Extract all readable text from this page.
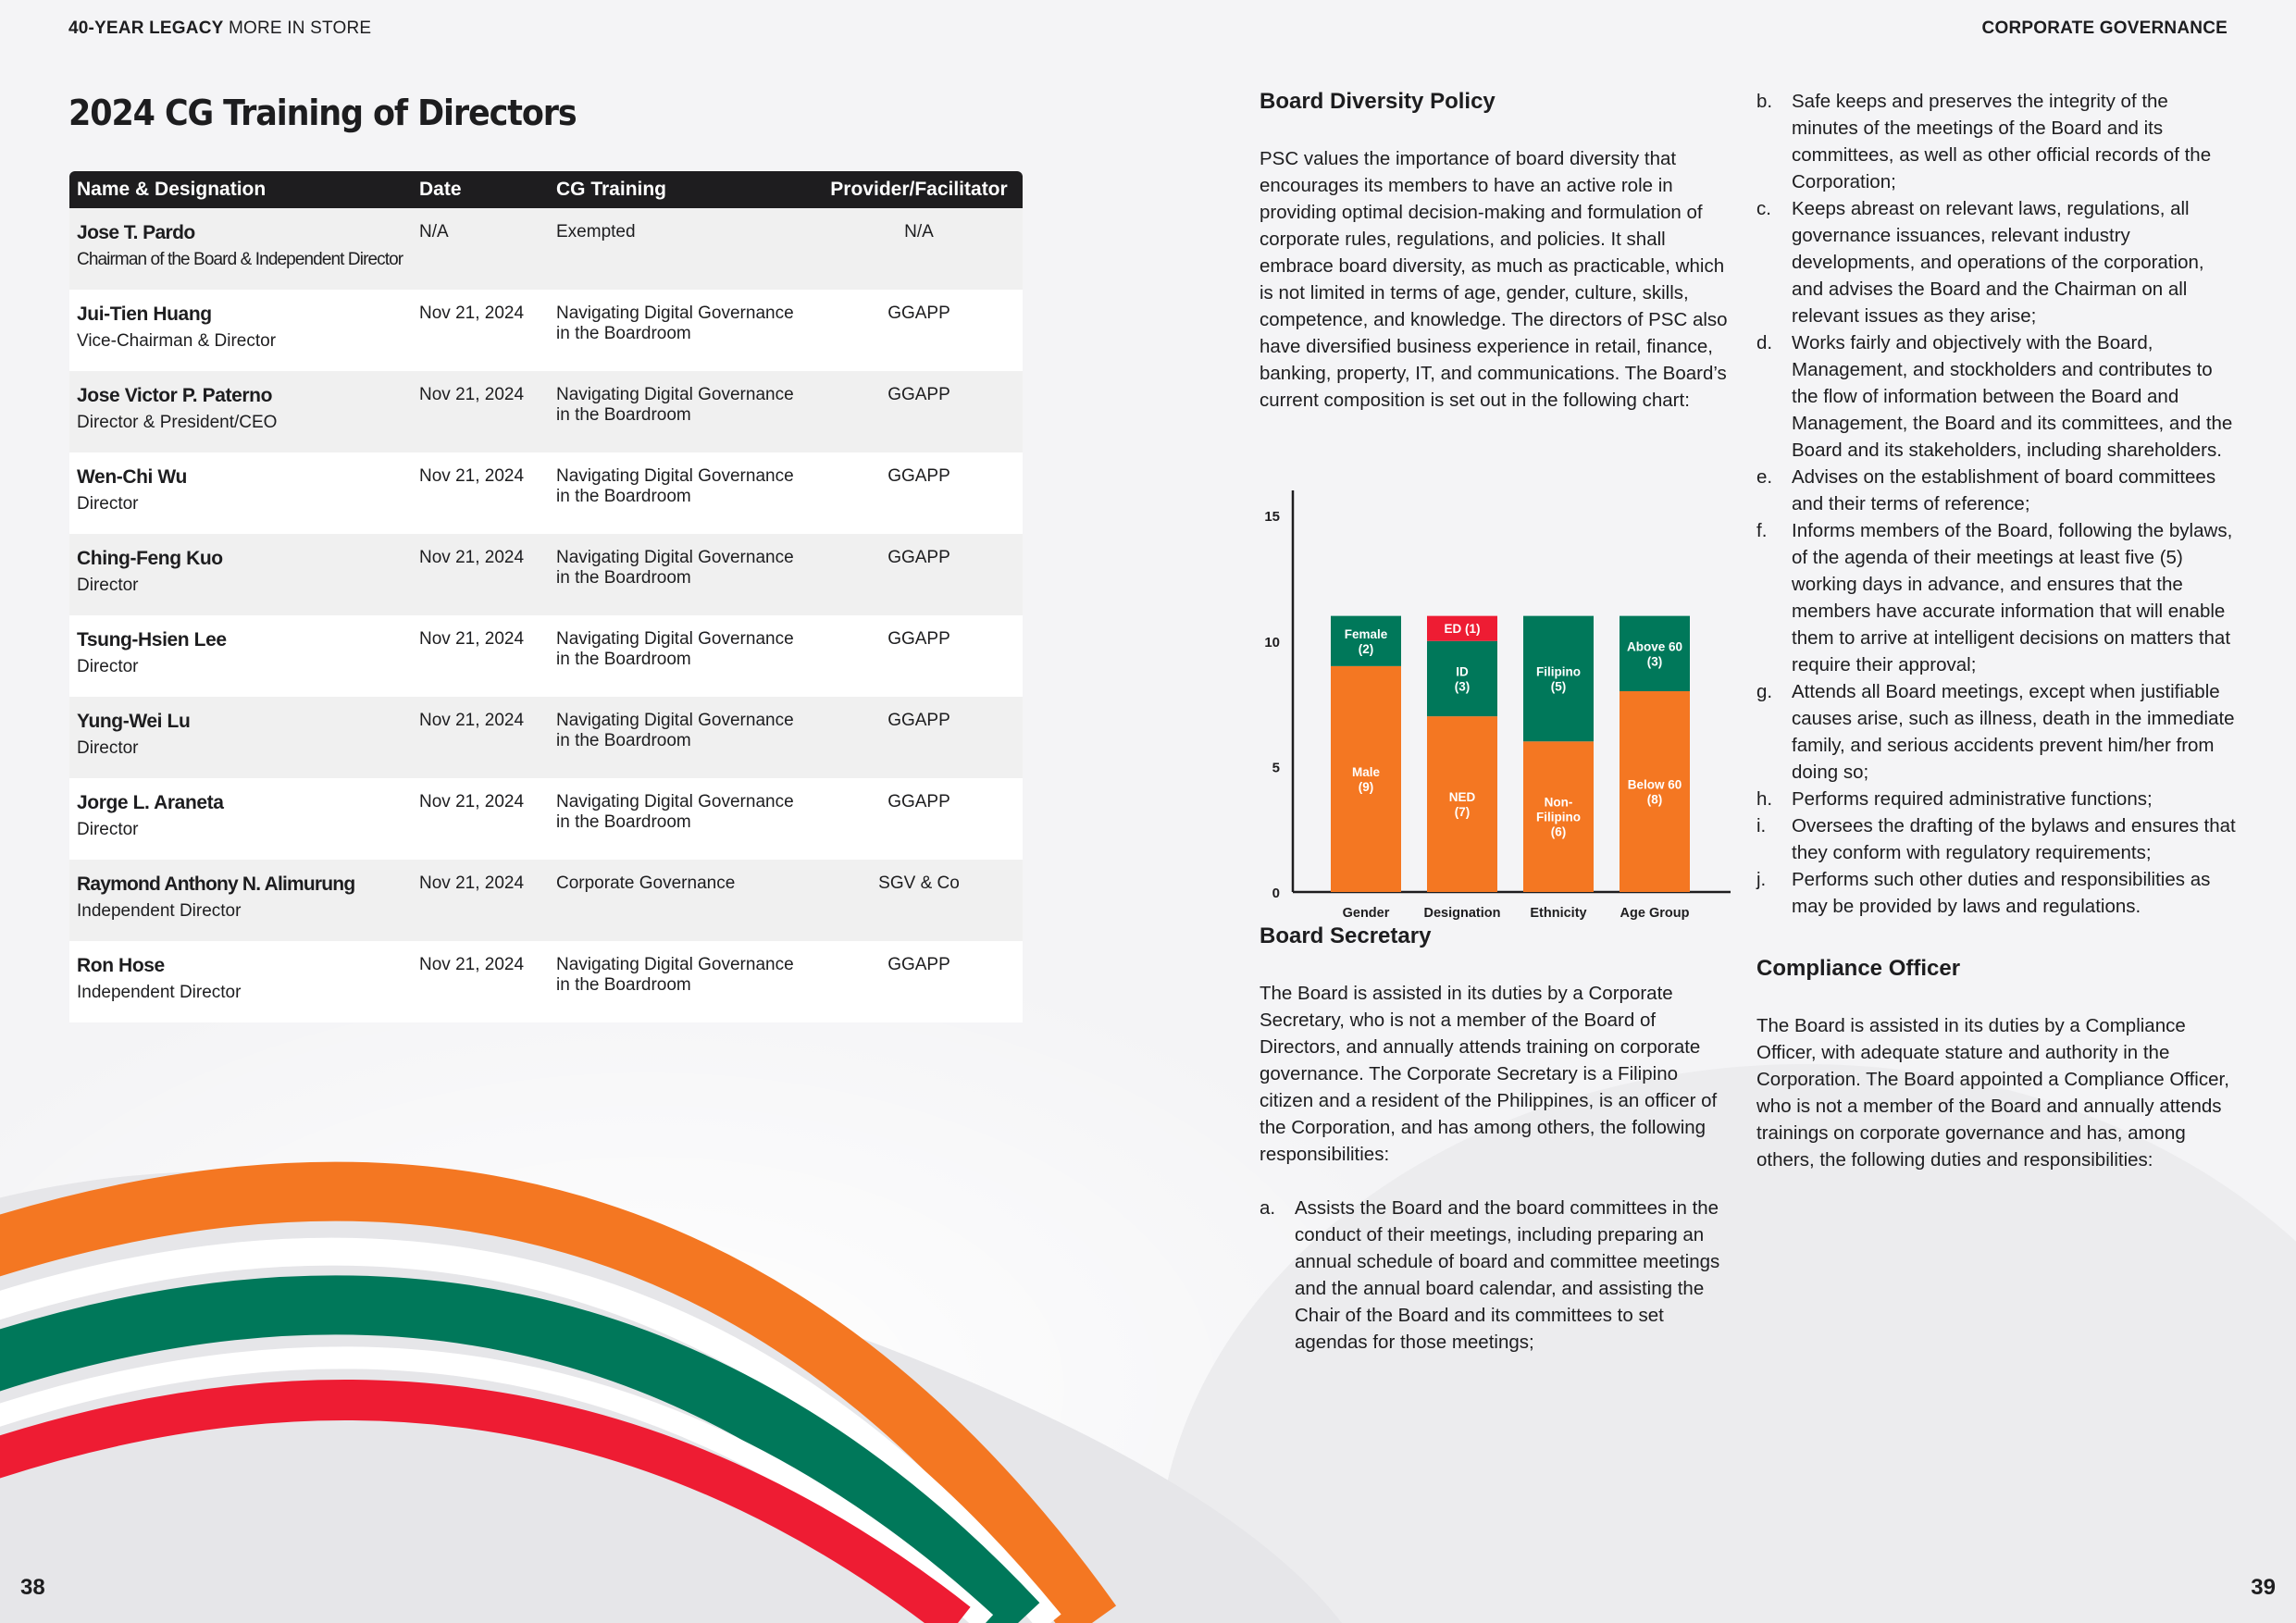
40-YEAR LEGACY MORE IN STORE	CORPORATE GOVERNANCE
2024 CG Training of Directors
Name & Designation	Date	CG Training	Provider/Facilitator

Jose T. Pardo
Chairman of the Board & Independent Director	N/A	Exempted	N/A

Jui-Tien Huang
Vice-Chairman & Director	Nov 21, 2024	Navigating Digital Governance in the Boardroom	GGAPP

Jose Victor P. Paterno
Director & President/CEO	Nov 21, 2024	Navigating Digital Governance in the Boardroom	GGAPP

Wen-Chi Wu
Director	Nov 21, 2024	Navigating Digital Governance in the Boardroom	GGAPP

Ching-Feng Kuo
Director	Nov 21, 2024	Navigating Digital Governance in the Boardroom	GGAPP

Tsung-Hsien Lee
Director	Nov 21, 2024	Navigating Digital Governance in the Boardroom	GGAPP

Yung-Wei Lu
Director	Nov 21, 2024	Navigating Digital Governance in the Boardroom	GGAPP

Jorge L. Araneta
Director	Nov 21, 2024	Navigating Digital Governance in the Boardroom	GGAPP

Raymond Anthony N. Alimurung
Independent Director	Nov 21, 2024	Corporate Governance	SGV & Co

Ron Hose
Independent Director	Nov 21, 2024	Navigating Digital Governance in the Boardroom	GGAPP
Board Diversity Policy

PSC values the importance of board diversity that encourages its members to have an active role in providing optimal decision-making and formulation of corporate rules, regulations, and policies. It shall embrace board diversity, as much as practicable, which is not limited in terms of age, gender, culture, skills, competence, and knowledge. The directors of PSC also have diversified business experience in retail, finance, banking, property, IT, and communications. The Board’s current composition is set out in the following chart:

Board Secretary

The Board is assisted in its duties by a Corporate Secretary, who is not a member of the Board of Directors, and annually attends training on corporate governance. The Corporate Secretary is a Filipino citizen and a resident of the Philippines, is an officer of the Corporation, and has among others, the following responsibilities:

a. Assists the Board and the board committees in the conduct of their meetings, including preparing an annual schedule of board and committee meetings and the annual board calendar, and assisting the Chair of the Board and its committees to set agendas for those meetings;
0
5
10
15
Gender
Male (9)
Female (2)
Designation
NED (7)
ID (3)
ED (1)
Ethnicity
Non-Filipino (6)
Filipino (5)
Age Group
Below 60 (8)
Above 60 (3)
b. Safe keeps and preserves the integrity of the minutes of the meetings of the Board and its committees, as well as other official records of the Corporation;
c. Keeps abreast on relevant laws, regulations, all governance issuances, relevant industry developments, and operations of the corporation, and advises the Board and the Chairman on all relevant issues as they arise;
d. Works fairly and objectively with the Board, Management, and stockholders and contributes to the flow of information between the Board and Management, the Board and its committees, and the Board and its stakeholders, including shareholders.
e. Advises on the establishment of board committees and their terms of reference;
f. Informs members of the Board, following the bylaws, of the agenda of their meetings at least five (5) working days in advance, and ensures that the members have accurate information that will enable them to arrive at intelligent decisions on matters that require their approval;
g. Attends all Board meetings, except when justifiable causes arise, such as illness, death in the immediate family, and serious accidents prevent him/her from doing so;
h. Performs required administrative functions;
i. Oversees the drafting of the bylaws and ensures that they conform with regulatory requirements;
j. Performs such other duties and responsibilities as may be provided by laws and regulations.
Compliance Officer

The Board is assisted in its duties by a Compliance Officer, with adequate stature and authority in the Corporation. The Board appointed a Compliance Officer, who is not a member of the Board and annually attends trainings on corporate governance and has, among others, the following duties and responsibilities:

38	39
